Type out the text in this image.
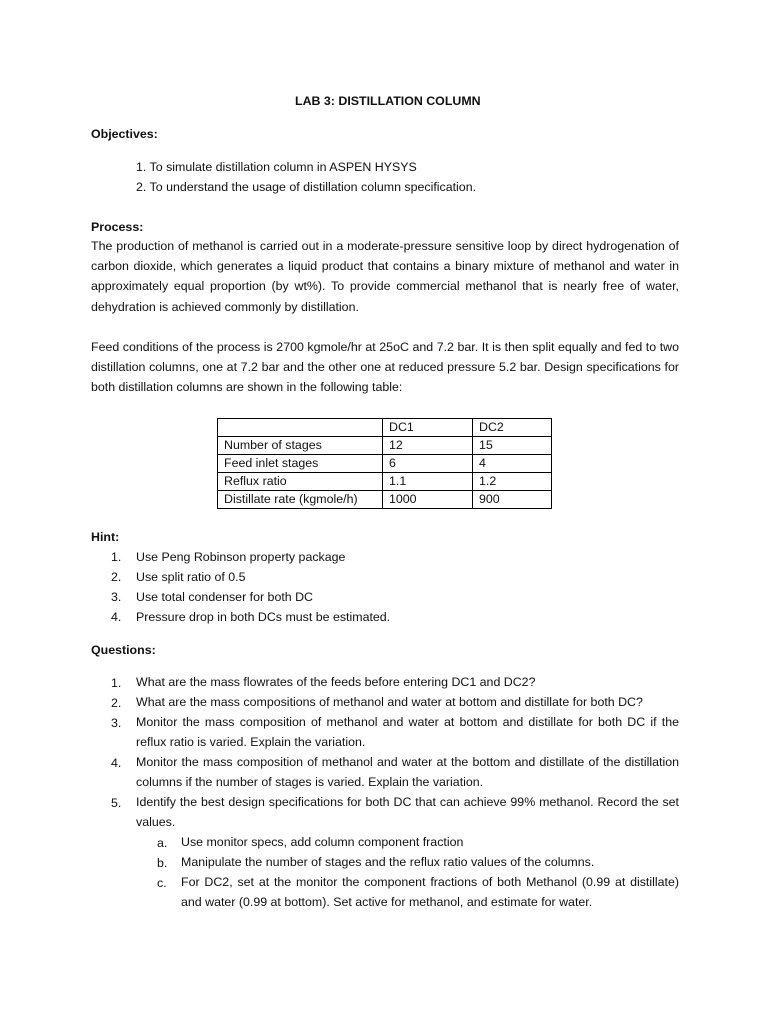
LAB 3: DISTILLATION COLUMN
Objectives:
1. To simulate distillation column in ASPEN HYSYS
2. To understand the usage of distillation column specification.
Process:
The production of methanol is carried out in a moderate-pressure sensitive loop by direct hydrogenation of carbon dioxide, which generates a liquid product that contains a binary mixture of methanol and water in approximately equal proportion (by wt%). To provide commercial methanol that is nearly free of water, dehydration is achieved commonly by distillation.
Feed conditions of the process is 2700 kgmole/hr at 25oC and 7.2 bar. It is then split equally and fed to two distillation columns, one at 7.2 bar and the other one at reduced pressure 5.2 bar. Design specifications for both distillation columns are shown in the following table:
	DC1	DC2
Number of stages	12	15
Feed inlet stages	6	4
Reflux ratio	1.1	1.2
Distillate rate (kgmole/h)	1000	900
Hint:
1. Use Peng Robinson property package
2. Use split ratio of 0.5
3. Use total condenser for both DC
4. Pressure drop in both DCs must be estimated.
Questions:
1. What are the mass flowrates of the feeds before entering DC1 and DC2?
2. What are the mass compositions of methanol and water at bottom and distillate for both DC?
3. Monitor the mass composition of methanol and water at bottom and distillate for both DC if the reflux ratio is varied. Explain the variation.
4. Monitor the mass composition of methanol and water at the bottom and distillate of the distillation columns if the number of stages is varied. Explain the variation.
5. Identify the best design specifications for both DC that can achieve 99% methanol. Record the set values.
a. Use monitor specs, add column component fraction
b. Manipulate the number of stages and the reflux ratio values of the columns.
c. For DC2, set at the monitor the component fractions of both Methanol (0.99 at distillate) and water (0.99 at bottom). Set active for methanol, and estimate for water.
